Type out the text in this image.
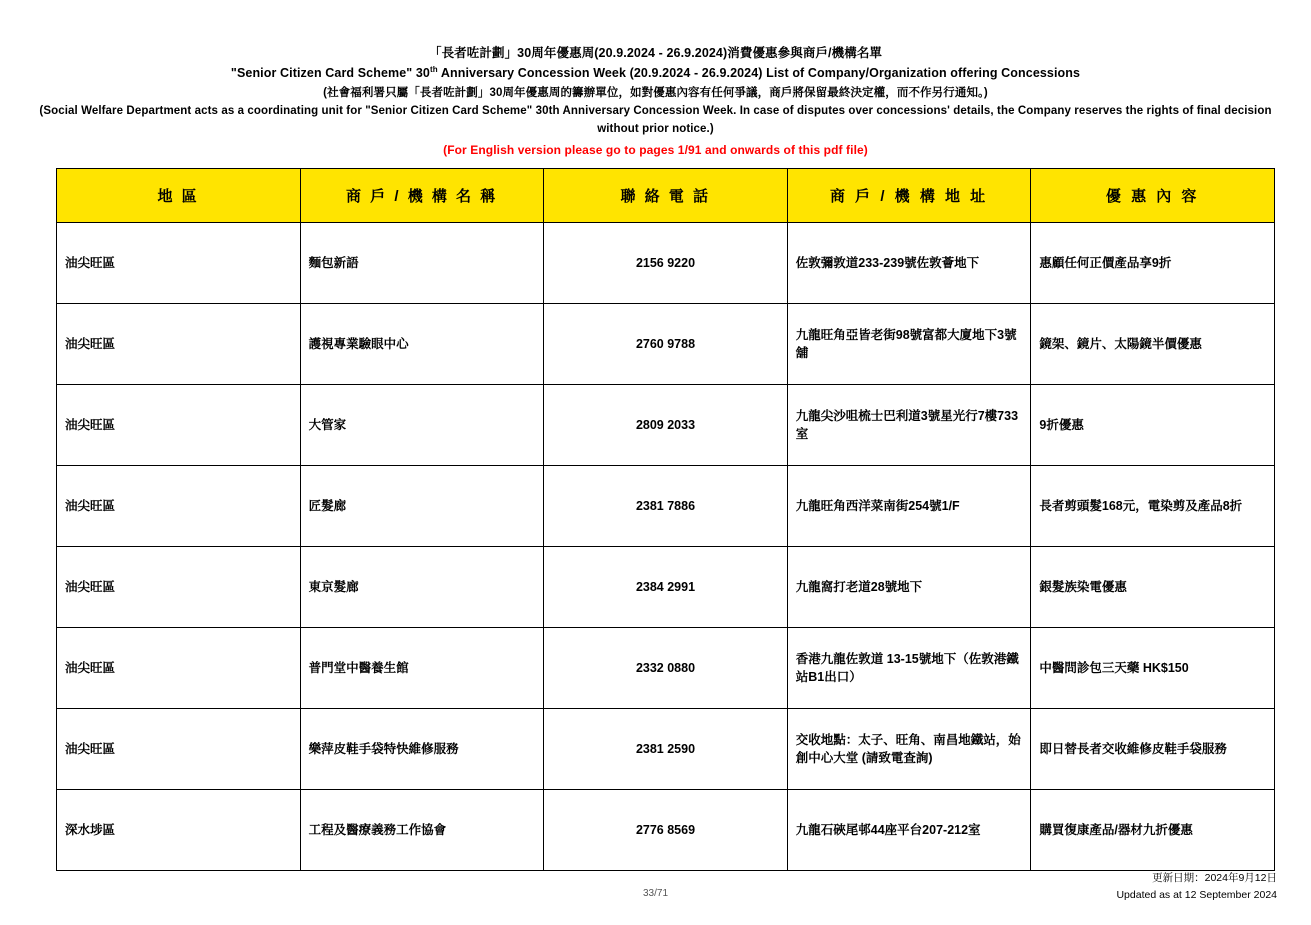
「長者咗計劃」30周年優惠周(20.9.2024 - 26.9.2024)消費優惠參與商戶/機構名單
"Senior Citizen Card Scheme" 30th Anniversary Concession Week (20.9.2024 - 26.9.2024) List of Company/Organization offering Concessions
(社會福利署只屬「長者咗計劃」30周年優惠周的籌辦單位，如對優惠內容有任何爭議，商戶將保留最終決定權，而不作另行通知。)
(Social Welfare Department acts as a coordinating unit for "Senior Citizen Card Scheme" 30th Anniversary Concession Week. In case of disputes over concessions' details, the Company reserves the rights of final decision without prior notice.)
(For English version please go to pages 1/91 and onwards of this pdf file)
地 區	商 戶 / 機 構 名 稱	聯 絡 電 話	商 戶 / 機 構 地 址	優 惠 內 容
油尖旺區	麵包新語	2156 9220	佐敦彌敦道233-239號佐敦薈地下	惠顧任何正價產品享9折
油尖旺區	護視專業驗眼中心	2760 9788	九龍旺角亞皆老街98號富都大廈地下3號舖	鏡架、鏡片、太陽鏡半價優惠
油尖旺區	大管家	2809 2033	九龍尖沙咀梳士巴利道3號星光行7樓733室	9折優惠
油尖旺區	匠髮廊	2381 7886	九龍旺角西洋菜南街254號1/F	長者剪頭髮168元，電染剪及產品8折
油尖旺區	東京髮廊	2384 2991	九龍窩打老道28號地下	銀髮族染電優惠
油尖旺區	普門堂中醫養生館	2332 0880	香港九龍佐敦道 13-15號地下（佐敦港鐵站B1出口）	中醫問診包三天藥 HK$150
油尖旺區	樂萍皮鞋手袋特快維修服務	2381 2590	交收地點：太子、旺角、南昌地鐵站，始創中心大堂 (請致電查詢)	即日替長者交收維修皮鞋手袋服務
深水埗區	工程及醫療義務工作協會	2776 8569	九龍石硤尾邨44座平台207-212室	購買復康產品/器材九折優惠
33/71
更新日期：2024年9月12日
Updated as at 12 September 2024
